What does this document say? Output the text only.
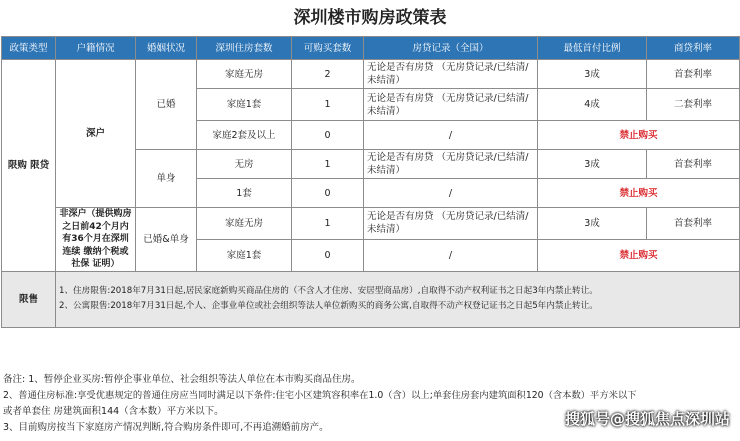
深圳楼市购房政策表
政策类型	户籍情况	婚姻状况	深圳住房套数	可购买套数	房贷记录（全国）	最低首付比例	商贷利率
限购 限贷	深户	已婚	家庭无房	2	无论是否有房贷 （无房贷记录/已结清/未结清）	3成	首套利率
			家庭1套	1	无论是否有房贷 （无房贷记录/已结清/未结清）	4成	二套利率
			家庭2套及以上	0	/	禁止购买	
		单身	无房	1	无论是否有房贷 （无房贷记录/已结清/未结清）	3成	首套利率
			1套	0	/	禁止购买	
	非深户（提供购房之日前42个月内有36个月在深圳连续 缴纳个税或社保 证明）	已婚&单身	家庭无房	1	无论是否有房贷 （无房贷记录/已结清/未结清）	3成	首套利率
			家庭1套	0	/	禁止购买	
限售	1、住房限售:2018年7月31日起,居民家庭新购买商品住房的（不含人才住房、安居型商品房）,自取得不动产权利证书之日起3年内禁止转让。
2、公寓限售:2018年7月31日起,个人、企事业单位或社会组织等法人单位新购买的商务公寓,自取得不动产权登记证书之日起5年内禁止转让。						
备注: 1、暂停企业买房:暂停企事业单位、社会组织等法人单位在本市购买商品住房。
2、普通住房标准:享受优惠规定的普通住房应当同时满足以下条件:住宅小区建筑容积率在1.0（含）以上;单套住房套内建筑面积120（含本数）平方米以下
或者单套住 房建筑面积144（含本数）平方米以下。
3、目前购房按当下家庭房产情况判断,符合购房条件即可,不再追溯婚前房产。	搜狐号@搜狐焦点深圳站
